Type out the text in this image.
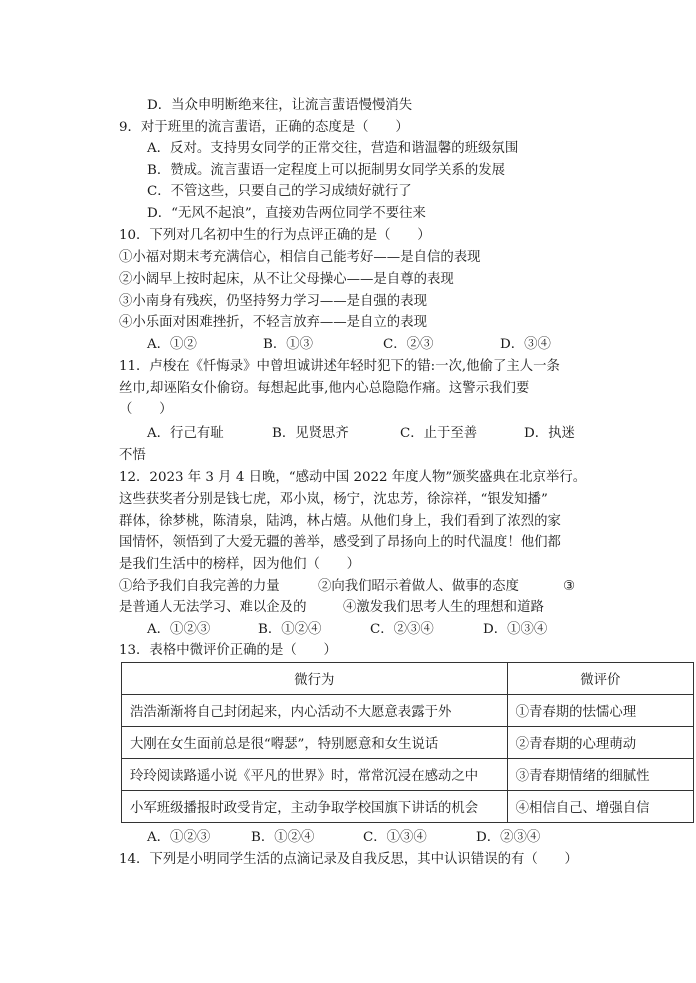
D．当众申明断绝来往，让流言蜚语慢慢消失
9．对于班里的流言蜚语，正确的态度是（　　）
A．反对。支持男女同学的正常交往，营造和谐温馨的班级氛围
B．赞成。流言蜚语一定程度上可以扼制男女同学关系的发展
C．不管这些，只要自己的学习成绩好就行了
D．“无风不起浪”，直接劝告两位同学不要往来
10．下列对几名初中生的行为点评正确的是（　　）
①小福对期末考充满信心，相信自己能考好——是自信的表现
②小阔早上按时起床，从不让父母操心——是自尊的表现
③小南身有残疾，仍坚持努力学习——是自强的表现
④小乐面对困难挫折，不轻言放弃——是自立的表现
A．①②	B．①③	C．②③	D．③④
11．卢梭在《忏悔录》中曾坦诚讲述年轻时犯下的错:一次,他偷了主人一条
丝巾,却诬陷女仆偷窃。每想起此事,他内心总隐隐作痛。这警示我们要
（　　）
A．行己有耻	B．见贤思齐	C．止于至善	D．执迷
不悟
12．2023 年 3 月 4 日晚，“感动中国 2022 年度人物”颁奖盛典在北京举行。
这些获奖者分别是钱七虎，邓小岚，杨宁，沈忠芳，徐淙祥，“银发知播”
群体，徐梦桃，陈清泉，陆鸿，林占熺。从他们身上，我们看到了浓烈的家
国情怀，领悟到了大爱无疆的善举，感受到了昂扬向上的时代温度！他们都
是我们生活中的榜样，因为他们（　　）
①给予我们自我完善的力量	②向我们昭示着做人、做事的态度	③
是普通人无法学习、难以企及的	④激发我们思考人生的理想和道路
A．①②③	B．①②④	C．②③④	D．①③④
13．表格中微评价正确的是（　　）
微行为	微评价
浩浩渐渐将自己封闭起来，内心活动不大愿意表露于外	①青春期的怯懦心理
大刚在女生面前总是很“嘚瑟”，特别愿意和女生说话	②青春期的心理萌动
玲玲阅读路遥小说《平凡的世界》时，常常沉浸在感动之中	③青春期情绪的细腻性
小军班级播报时政受肯定，主动争取学校国旗下讲话的机会	④相信自己、增强自信
A．①②③	B．①②④	C．①③④	D．②③④
14．下列是小明同学生活的点滴记录及自我反思，其中认识错误的有（　　）
